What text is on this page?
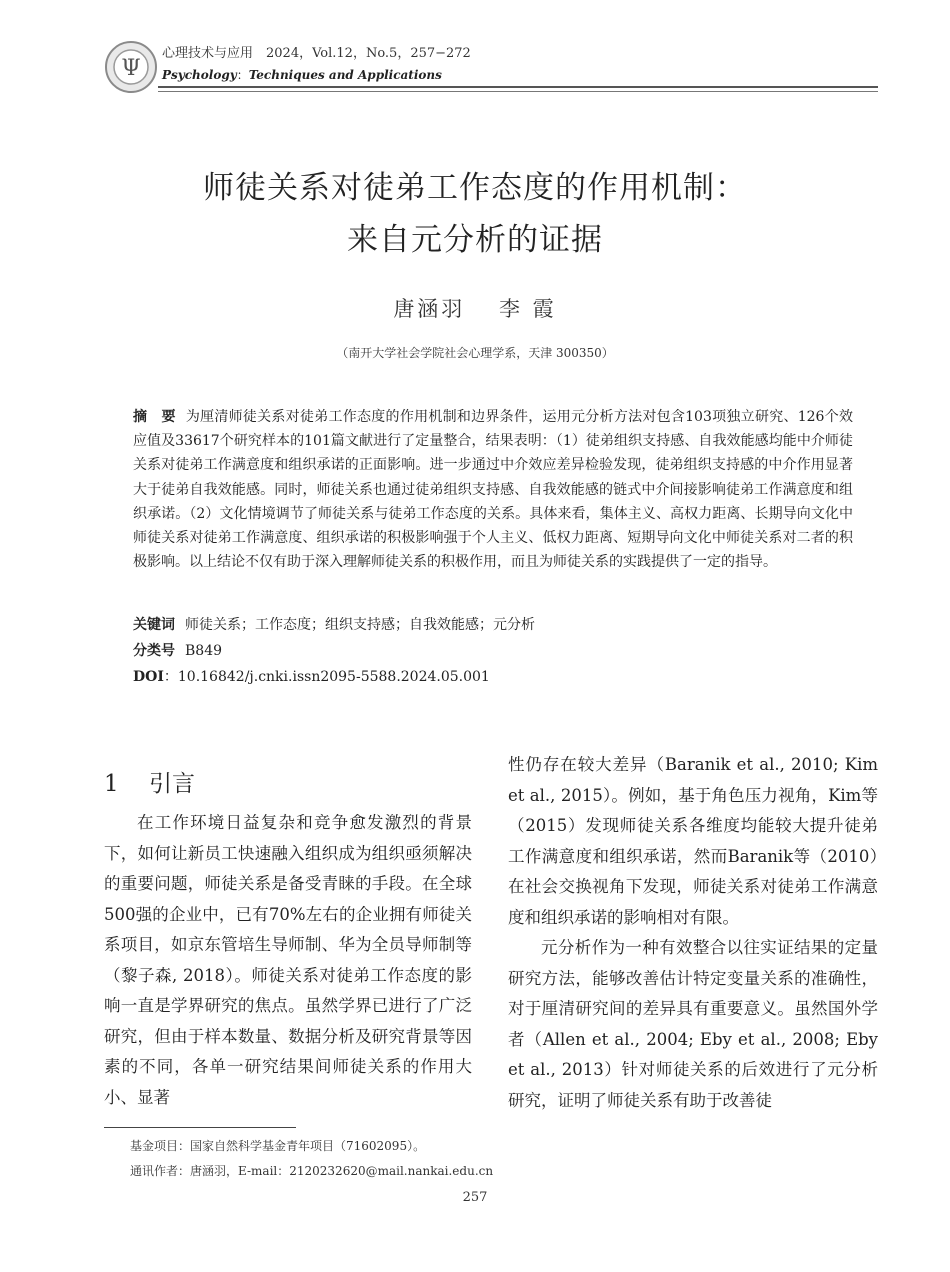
Ψ
心理技术与应用　2024，Vol.12，No.5，257−272
Psychology：Techniques and Applications
师徒关系对徒弟工作态度的作用机制：
来自元分析的证据
唐涵羽　 李 霞
（南开大学社会学院社会心理学系，天津 300350）
摘　要 为厘清师徒关系对徒弟工作态度的作用机制和边界条件，运用元分析方法对包含103项独立研究、126个效应值及33617个研究样本的101篇文献进行了定量整合，结果表明：（1）徒弟组织支持感、自我效能感均能中介师徒关系对徒弟工作满意度和组织承诺的正面影响。进一步通过中介效应差异检验发现，徒弟组织支持感的中介作用显著大于徒弟自我效能感。同时，师徒关系也通过徒弟组织支持感、自我效能感的链式中介间接影响徒弟工作满意度和组织承诺。（2）文化情境调节了师徒关系与徒弟工作态度的关系。具体来看，集体主义、高权力距离、长期导向文化中师徒关系对徒弟工作满意度、组织承诺的积极影响强于个人主义、低权力距离、短期导向文化中师徒关系对二者的积极影响。以上结论不仅有助于深入理解师徒关系的积极作用，而且为师徒关系的实践提供了一定的指导。
关键词 师徒关系；工作态度；组织支持感；自我效能感；元分析
分类号 B849
DOI：10.16842/j.cnki.issn2095-5588.2024.05.001
1　 引言

在工作环境日益复杂和竞争愈发激烈的背景下，如何让新员工快速融入组织成为组织亟须解决的重要问题，师徒关系是备受青睐的手段。在全球500强的企业中，已有70%左右的企业拥有师徒关系项目，如京东管培生导师制、华为全员导师制等（黎子森, 2018）。师徒关系对徒弟工作态度的影响一直是学界研究的焦点。虽然学界已进行了广泛研究，但由于样本数量、数据分析及研究背景等因素的不同，各单一研究结果间师徒关系的作用大小、显著

性仍存在较大差异（Baranik et al., 2010; Kim et al., 2015）。例如，基于角色压力视角，Kim等（2015）发现师徒关系各维度均能较大提升徒弟工作满意度和组织承诺，然而Baranik等（2010）在社会交换视角下发现，师徒关系对徒弟工作满意度和组织承诺的影响相对有限。

元分析作为一种有效整合以往实证结果的定量研究方法，能够改善估计特定变量关系的准确性，对于厘清研究间的差异具有重要意义。虽然国外学者（Allen et al., 2004; Eby et al., 2008; Eby et al., 2013）针对师徒关系的后效进行了元分析研究，证明了师徒关系有助于改善徒

基金项目：国家自然科学基金青年项目（71602095）。
通讯作者：唐涵羽，E-mail：2120232620@mail.nankai.edu.cn
257
